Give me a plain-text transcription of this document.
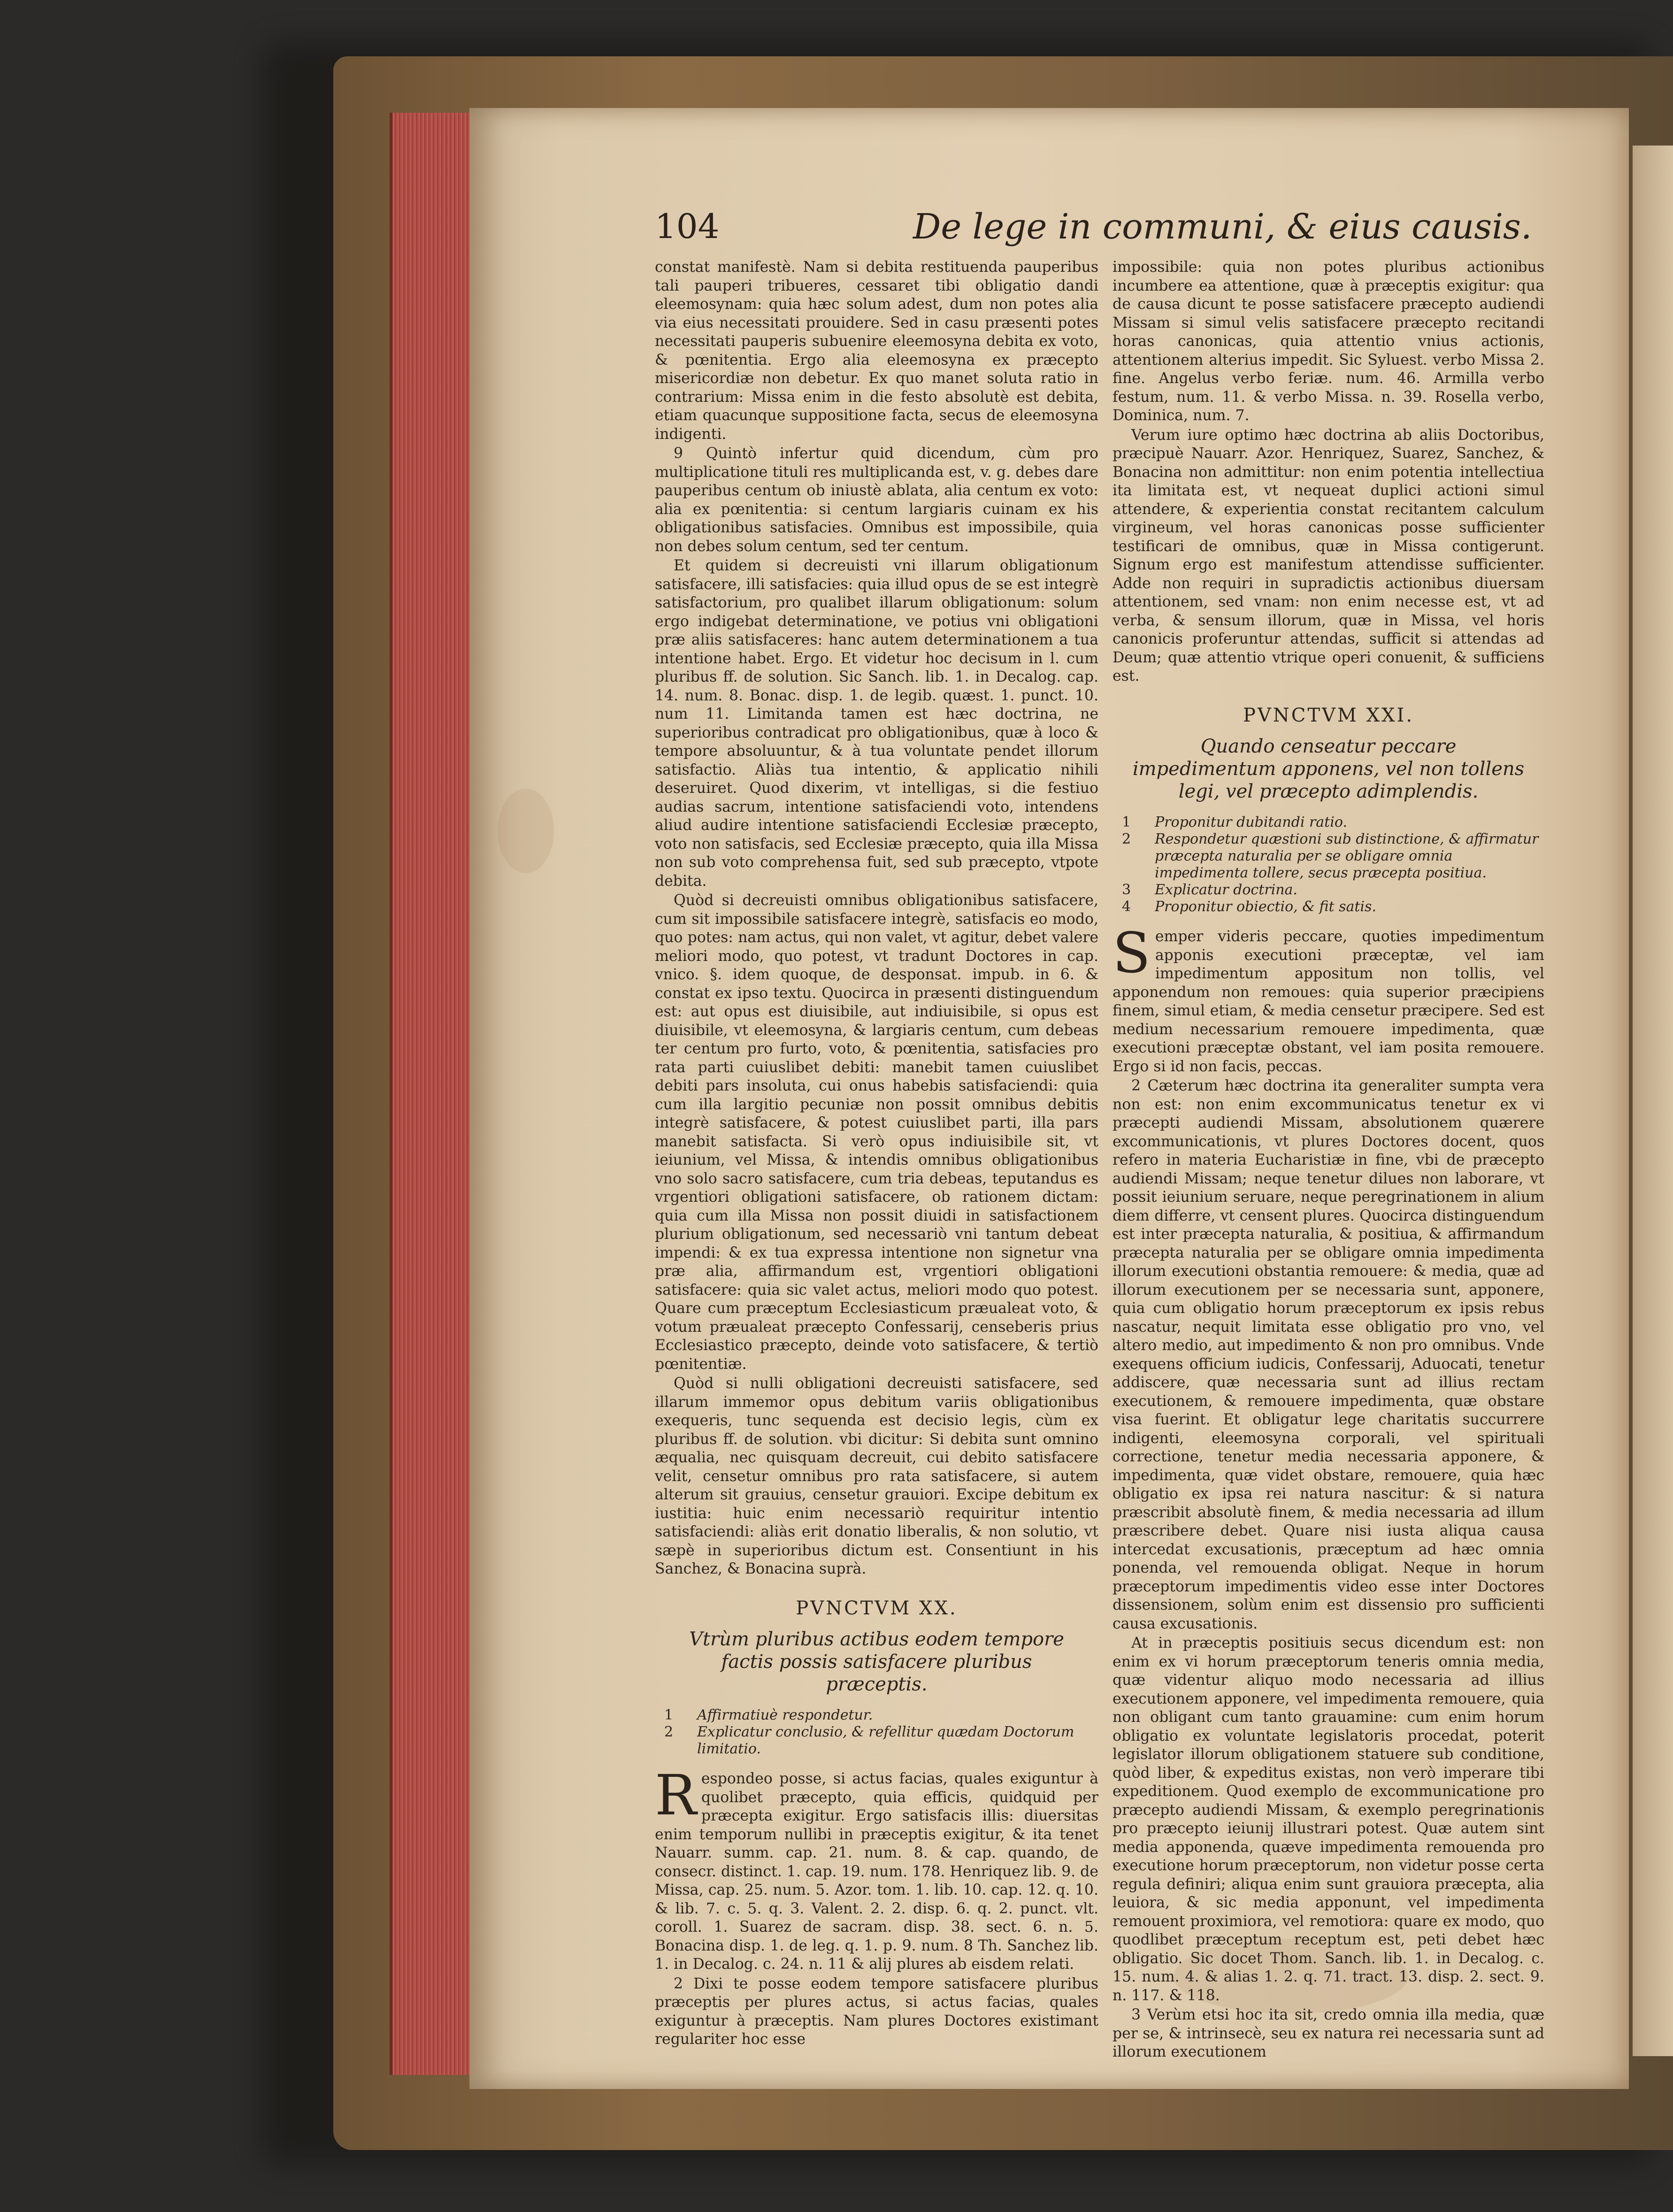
104	De lege in communi, & eius causis.

constat manifestè. Nam si debita restituenda pauperibus tali pauperi tribueres, cessaret tibi obligatio dandi eleemosynam: quia hæc solum adest, dum non potes alia via eius necessitati prouidere. Sed in casu præsenti potes necessitati pauperis subuenire eleemosyna debita ex voto, & pœnitentia. Ergo alia eleemosyna ex præcepto misericordiæ non debetur. Ex quo manet soluta ratio in contrarium: Missa enim in die festo absolutè est debita, etiam quacunque suppositione facta, secus de eleemosyna indigenti.

9 Quintò infertur quid dicendum, cùm pro multiplicatione tituli res multiplicanda est, v. g. debes dare pauperibus centum ob iniustè ablata, alia centum ex voto: alia ex pœnitentia: si centum largiaris cuinam ex his obligationibus satisfacies. Omnibus est impossibile, quia non debes solum centum, sed ter centum.

Et quidem si decreuisti vni illarum obligationum satisfacere, illi satisfacies: quia illud opus de se est integrè satisfactorium, pro qualibet illarum obligationum: solum ergo indigebat determinatione, ve potius vni obligationi præ aliis satisfaceres: hanc autem determinationem a tua intentione habet. Ergo. Et videtur hoc decisum in l. cum pluribus ff. de solution. Sic Sanch. lib. 1. in Decalog. cap. 14. num. 8. Bonac. disp. 1. de legib. quæst. 1. punct. 10. num 11. Limitanda tamen est hæc doctrina, ne superioribus contradicat pro obligationibus, quæ à loco & tempore absoluuntur, & à tua voluntate pendet illorum satisfactio. Aliàs tua intentio, & applicatio nihili deseruiret. Quod dixerim, vt intelligas, si die festiuo audias sacrum, intentione satisfaciendi voto, intendens aliud audire intentione satisfaciendi Ecclesiæ præcepto, voto non satisfacis, sed Ecclesiæ præcepto, quia illa Missa non sub voto comprehensa fuit, sed sub præcepto, vtpote debita.

Quòd si decreuisti omnibus obligationibus satisfacere, cum sit impossibile satisfacere integrè, satisfacis eo modo, quo potes: nam actus, qui non valet, vt agitur, debet valere meliori modo, quo potest, vt tradunt Doctores in cap. vnico. §. idem quoque, de desponsat. impub. in 6. & constat ex ipso textu. Quocirca in præsenti distinguendum est: aut opus est diuisibile, aut indiuisibile, si opus est diuisibile, vt eleemosyna, & largiaris centum, cum debeas ter centum pro furto, voto, & pœnitentia, satisfacies pro rata parti cuiuslibet debiti: manebit tamen cuiuslibet debiti pars insoluta, cui onus habebis satisfaciendi: quia cum illa largitio pecuniæ non possit omnibus debitis integrè satisfacere, & potest cuiuslibet parti, illa pars manebit satisfacta. Si verò opus indiuisibile sit, vt ieiunium, vel Missa, & intendis omnibus obligationibus vno solo sacro satisfacere, cum tria debeas, teputandus es vrgentiori obligationi satisfacere, ob rationem dictam: quia cum illa Missa non possit diuidi in satisfactionem plurium obligationum, sed necessariò vni tantum debeat impendi: & ex tua expressa intentione non signetur vna præ alia, affirmandum est, vrgentiori obligationi satisfacere: quia sic valet actus, meliori modo quo potest. Quare cum præceptum Ecclesiasticum præualeat voto, & votum præualeat præcepto Confessarij, censeberis prius Ecclesiastico præcepto, deinde voto satisfacere, & tertiò pœnitentiæ.

Quòd si nulli obligationi decreuisti satisfacere, sed illarum immemor opus debitum variis obligationibus exequeris, tunc sequenda est decisio legis, cùm ex pluribus ff. de solution. vbi dicitur: Si debita sunt omnino æqualia, nec quisquam decreuit, cui debito satisfacere velit, censetur omnibus pro rata satisfacere, si autem alterum sit grauius, censetur grauiori. Excipe debitum ex iustitia: huic enim necessariò requiritur intentio satisfaciendi: aliàs erit donatio liberalis, & non solutio, vt sæpè in superioribus dictum est. Consentiunt in his Sanchez, & Bonacina suprà.

PVNCTVM XX.
Vtrùm pluribus actibus eodem tempore factis possis satisfacere pluribus præceptis.
1	Affirmatiuè respondetur.
2	Explicatur conclusio, & refellitur quædam Doctorum limitatio.

Respondeo posse, si actus facias, quales exiguntur à quolibet præcepto, quia efficis, quidquid per præcepta exigitur. Ergo satisfacis illis: diuersitas enim temporum nullibi in præceptis exigitur, & ita tenet Nauarr. summ. cap. 21. num. 8. & cap. quando, de consecr. distinct. 1. cap. 19. num. 178. Henriquez lib. 9. de Missa, cap. 25. num. 5. Azor. tom. 1. lib. 10. cap. 12. q. 10. & lib. 7. c. 5. q. 3. Valent. 2. 2. disp. 6. q. 2. punct. vlt. coroll. 1. Suarez de sacram. disp. 38. sect. 6. n. 5. Bonacina disp. 1. de leg. q. 1. p. 9. num. 8 Th. Sanchez lib. 1. in Decalog. c. 24. n. 11 & alij plures ab eisdem relati.

2 Dixi te posse eodem tempore satisfacere pluribus præceptis per plures actus, si actus facias, quales exiguntur à præceptis. Nam plures Doctores existimant regulariter hoc esse

impossibile: quia non potes pluribus actionibus incumbere ea attentione, quæ à præceptis exigitur: qua de causa dicunt te posse satisfacere præcepto audiendi Missam si simul velis satisfacere præcepto recitandi horas canonicas, quia attentio vnius actionis, attentionem alterius impedit. Sic Syluest. verbo Missa 2. fine. Angelus verbo feriæ. num. 46. Armilla verbo festum, num. 11. & verbo Missa. n. 39. Rosella verbo, Dominica, num. 7.

Verum iure optimo hæc doctrina ab aliis Doctoribus, præcipuè Nauarr. Azor. Henriquez, Suarez, Sanchez, & Bonacina non admittitur: non enim potentia intellectiua ita limitata est, vt nequeat duplici actioni simul attendere, & experientia constat recitantem calculum virgineum, vel horas canonicas posse sufficienter testificari de omnibus, quæ in Missa contigerunt. Signum ergo est manifestum attendisse sufficienter. Adde non requiri in supradictis actionibus diuersam attentionem, sed vnam: non enim necesse est, vt ad verba, & sensum illorum, quæ in Missa, vel horis canonicis proferuntur attendas, sufficit si attendas ad Deum; quæ attentio vtrique operi conuenit, & sufficiens est.

PVNCTVM XXI.
Quando censeatur peccare impedimentum apponens, vel non tollens legi, vel præcepto adimplendis.
1	Proponitur dubitandi ratio.
2	Respondetur quæstioni sub distinctione, & affirmatur præcepta naturalia per se obligare omnia impedimenta tollere, secus præcepta positiua.
3	Explicatur doctrina.
4	Proponitur obiectio, & fit satis.

Semper videris peccare, quoties impedimentum apponis executioni præceptæ, vel iam impedimentum appositum non tollis, vel apponendum non remoues: quia superior præcipiens finem, simul etiam, & media censetur præcipere. Sed est medium necessarium remouere impedimenta, quæ executioni præceptæ obstant, vel iam posita remouere. Ergo si id non facis, peccas.

2 Cæterum hæc doctrina ita generaliter sumpta vera non est: non enim excommunicatus tenetur ex vi præcepti audiendi Missam, absolutionem quærere excommunicationis, vt plures Doctores docent, quos refero in materia Eucharistiæ in fine, vbi de præcepto audiendi Missam; neque tenetur dilues non laborare, vt possit ieiunium seruare, neque peregrinationem in alium diem differre, vt censent plures. Quocirca distinguendum est inter præcepta naturalia, & positiua, & affirmandum præcepta naturalia per se obligare omnia impedimenta illorum executioni obstantia remouere: & media, quæ ad illorum executionem per se necessaria sunt, apponere, quia cum obligatio horum præceptorum ex ipsis rebus nascatur, nequit limitata esse obligatio pro vno, vel altero medio, aut impedimento & non pro omnibus. Vnde exequens officium iudicis, Confessarij, Aduocati, tenetur addiscere, quæ necessaria sunt ad illius rectam executionem, & remouere impedimenta, quæ obstare visa fuerint. Et obligatur lege charitatis succurrere indigenti, eleemosyna corporali, vel spirituali correctione, tenetur media necessaria apponere, & impedimenta, quæ videt obstare, remouere, quia hæc obligatio ex ipsa rei natura nascitur: & si natura præscribit absolutè finem, & media necessaria ad illum præscribere debet. Quare nisi iusta aliqua causa intercedat excusationis, præceptum ad hæc omnia ponenda, vel remouenda obligat. Neque in horum præceptorum impedimentis video esse inter Doctores dissensionem, solùm enim est dissensio pro sufficienti causa excusationis.

At in præceptis positiuis secus dicendum est: non enim ex vi horum præceptorum teneris omnia media, quæ videntur aliquo modo necessaria ad illius executionem apponere, vel impedimenta remouere, quia non obligant cum tanto grauamine: cum enim horum obligatio ex voluntate legislatoris procedat, poterit legislator illorum obligationem statuere sub conditione, quòd liber, & expeditus existas, non verò imperare tibi expeditionem. Quod exemplo de excommunicatione pro præcepto audiendi Missam, & exemplo peregrinationis pro præcepto ieiunij illustrari potest. Quæ autem sint media apponenda, quæve impedimenta remouenda pro executione horum præceptorum, non videtur posse certa regula definiri; aliqua enim sunt grauiora præcepta, alia leuiora, & sic media apponunt, vel impedimenta remouent proximiora, vel remotiora: quare ex modo, quo quodlibet præceptum receptum est, peti debet hæc obligatio. Sic docet Thom. Sanch. lib. 1. in Decalog. c. 15. num. 4. & alias 1. 2. q. 71. tract. 13. disp. 2. sect. 9. n. 117. & 118.

3 Verùm etsi hoc ita sit, credo omnia illa media, quæ per se, & intrinsecè, seu ex natura rei necessaria sunt ad illorum executionem
